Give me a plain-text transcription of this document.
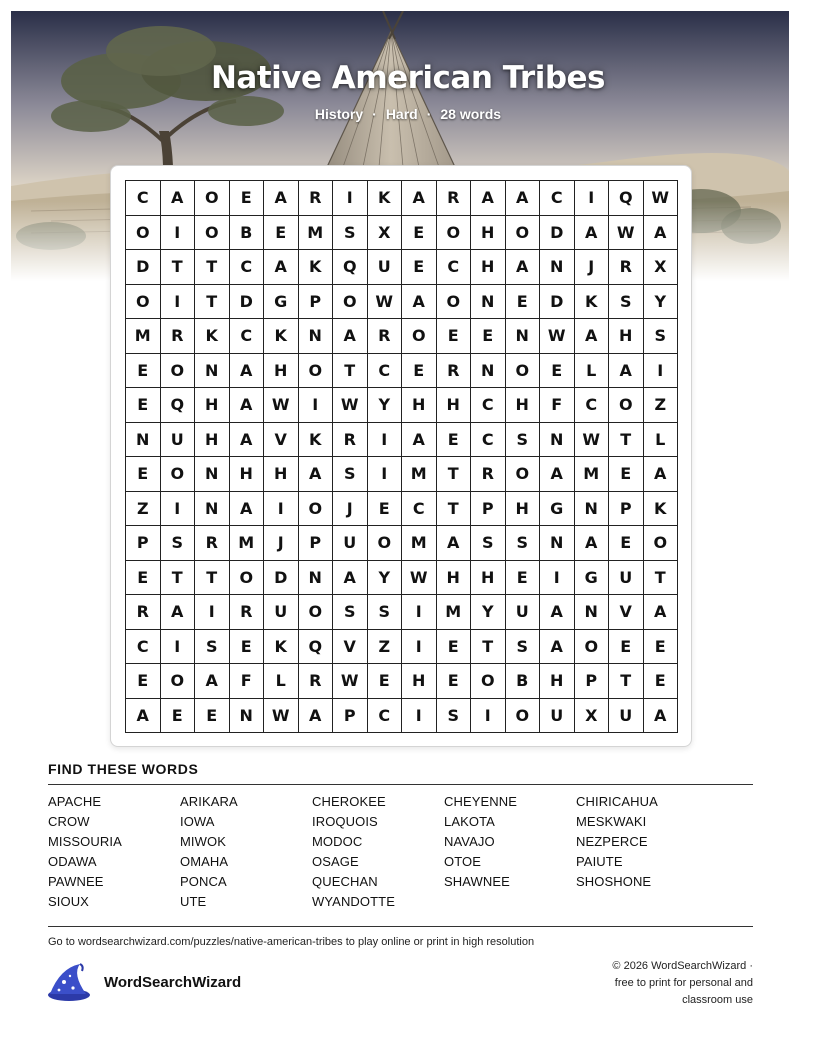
Native American Tribes
History · Hard · 28 words
C	A	O	E	A	R	I	K	A	R	A	A	C	I	Q	W
O	I	O	B	E	M	S	X	E	O	H	O	D	A	W	A
D	T	T	C	A	K	Q	U	E	C	H	A	N	J	R	X
O	I	T	D	G	P	O	W	A	O	N	E	D	K	S	Y
M	R	K	C	K	N	A	R	O	E	E	N	W	A	H	S
E	O	N	A	H	O	T	C	E	R	N	O	E	L	A	I
E	Q	H	A	W	I	W	Y	H	H	C	H	F	C	O	Z
N	U	H	A	V	K	R	I	A	E	C	S	N	W	T	L
E	O	N	H	H	A	S	I	M	T	R	O	A	M	E	A
Z	I	N	A	I	O	J	E	C	T	P	H	G	N	P	K
P	S	R	M	J	P	U	O	M	A	S	S	N	A	E	O
E	T	T	O	D	N	A	Y	W	H	H	E	I	G	U	T
R	A	I	R	U	O	S	S	I	M	Y	U	A	N	V	A
C	I	S	E	K	Q	V	Z	I	E	T	S	A	O	E	E
E	O	A	F	L	R	W	E	H	E	O	B	H	P	T	E
A	E	E	N	W	A	P	C	I	S	I	O	U	X	U	A
FIND THESE WORDS
APACHE	ARIKARA	CHEROKEE	CHEYENNE	CHIRICAHUA
CROW	IOWA	IROQUOIS	LAKOTA	MESKWAKI
MISSOURIA	MIWOK	MODOC	NAVAJO	NEZPERCE
ODAWA	OMAHA	OSAGE	OTOE	PAIUTE
PAWNEE	PONCA	QUECHAN	SHAWNEE	SHOSHONE
SIOUX	UTE	WYANDOTTE
Go to wordsearchwizard.com/puzzles/native-american-tribes to play online or print in high resolution
WordSearchWizard
© 2026 WordSearchWizard ·
free to print for personal and
classroom use
